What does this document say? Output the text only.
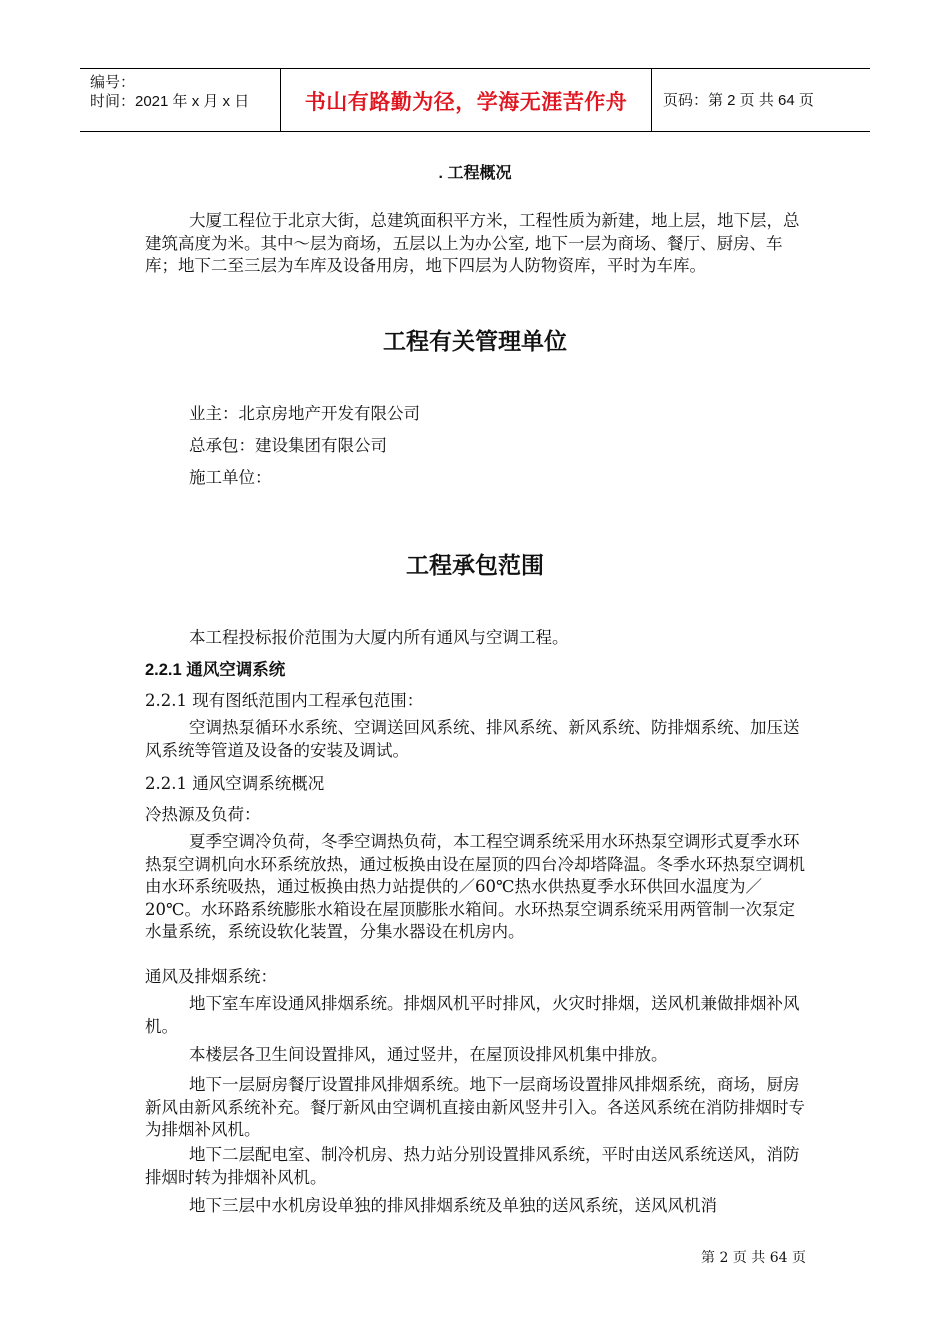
编号：
时间：2021 年 x 月 x 日	书山有路勤为径，学海无涯苦作舟	页码：第 2 页 共 64 页
. 工程概况
大厦工程位于北京大街，总建筑面积平方米，工程性质为新建，地上层，地下层，总建筑高度为米。其中～层为商场，五层以上为办公室, 地下一层为商场、餐厅、厨房、车库；地下二至三层为车库及设备用房，地下四层为人防物资库，平时为车库。
工程有关管理单位
业主：北京房地产开发有限公司
总承包：建设集团有限公司
施工单位：
工程承包范围
本工程投标报价范围为大厦内所有通风与空调工程。
2.2.1 通风空调系统
2.2.1 现有图纸范围内工程承包范围：
空调热泵循环水系统、空调送回风系统、排风系统、新风系统、防排烟系统、加压送风系统等管道及设备的安装及调试。
2.2.1 通风空调系统概况
冷热源及负荷：
夏季空调冷负荷，冬季空调热负荷，本工程空调系统采用水环热泵空调形式夏季水环热泵空调机向水环系统放热，通过板换由设在屋顶的四台冷却塔降温。冬季水环热泵空调机由水环系统吸热，通过板换由热力站提供的／60℃热水供热夏季水环供回水温度为／20℃。水环路系统膨胀水箱设在屋顶膨胀水箱间。水环热泵空调系统采用两管制一次泵定水量系统，系统设软化装置，分集水器设在机房内。
通风及排烟系统：
地下室车库设通风排烟系统。排烟风机平时排风，火灾时排烟，送风机兼做排烟补风机。
本楼层各卫生间设置排风，通过竖井，在屋顶设排风机集中排放。
地下一层厨房餐厅设置排风排烟系统。地下一层商场设置排风排烟系统，商场，厨房新风由新风系统补充。餐厅新风由空调机直接由新风竖井引入。各送风系统在消防排烟时专为排烟补风机。
地下二层配电室、制冷机房、热力站分别设置排风系统，平时由送风系统送风，消防排烟时转为排烟补风机。
地下三层中水机房设单独的排风排烟系统及单独的送风系统，送风风机消
第 2 页 共 64 页
